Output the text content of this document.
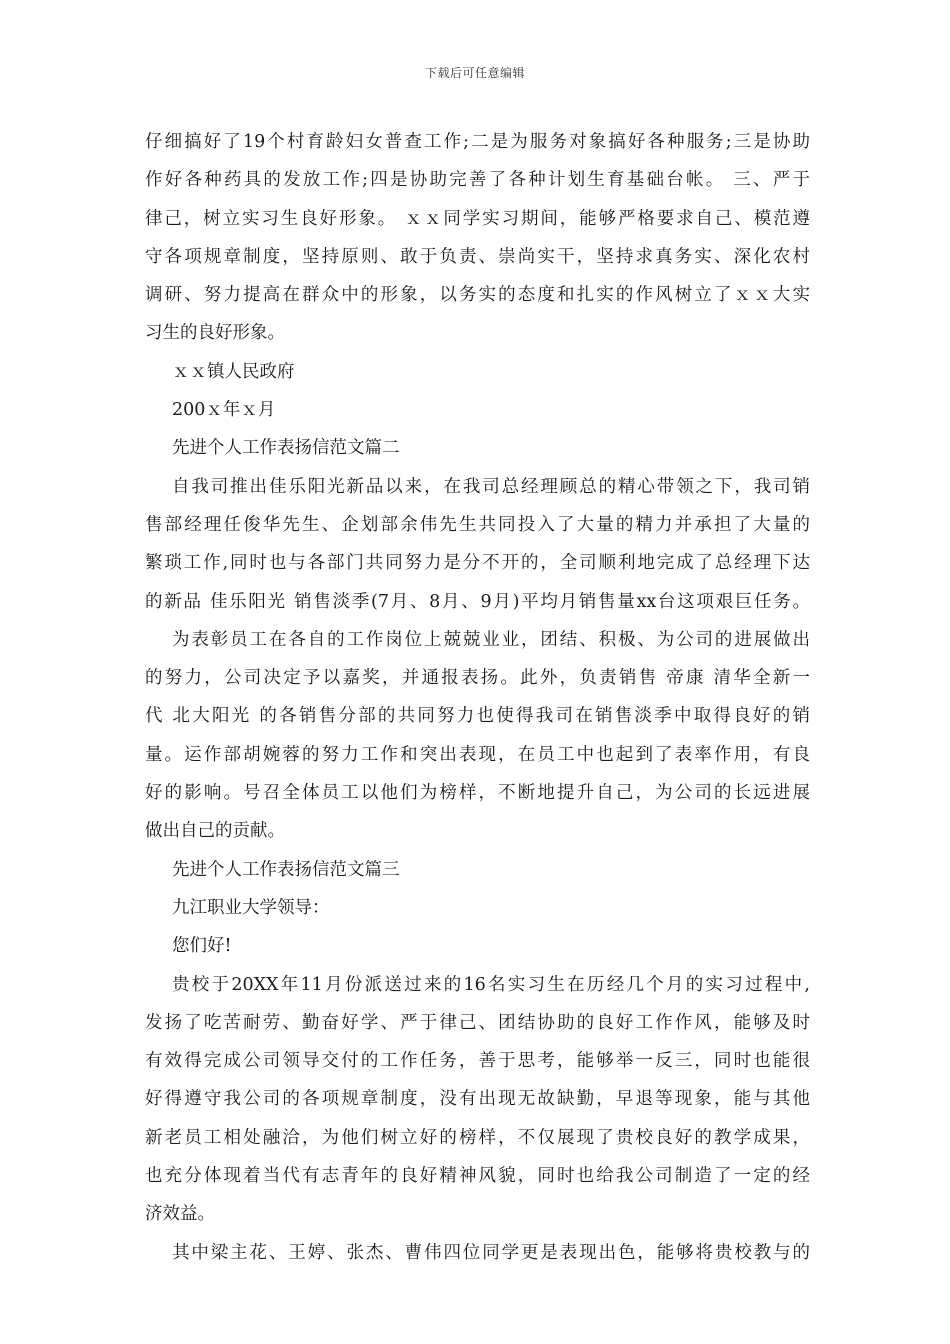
下载后可任意编辑
仔细搞好了19个村育龄妇女普查工作;二是为服务对象搞好各种服务;三是协助
作好各种药具的发放工作;四是协助完善了各种计划生育基础台帐。 三、严于
律己，树立实习生良好形象。 ｘｘ同学实习期间，能够严格要求自己、模范遵
守各项规章制度，坚持原则、敢于负责、崇尚实干，坚持求真务实、深化农村
调研、努力提高在群众中的形象，以务实的态度和扎实的作风树立了ｘｘ大实
习生的良好形象。
ｘｘ镇人民政府
200ｘ年ｘ月
先进个人工作表扬信范文篇二
自我司推出佳乐阳光新品以来，在我司总经理顾总的精心带领之下，我司销
售部经理任俊华先生、企划部余伟先生共同投入了大量的精力并承担了大量的
繁琐工作,同时也与各部门共同努力是分不开的，全司顺利地完成了总经理下达
的新品 佳乐阳光 销售淡季(7月、8月、9月)平均月销售量xx台这项艰巨任务。
为表彰员工在各自的工作岗位上兢兢业业，团结、积极、为公司的进展做出
的努力，公司决定予以嘉奖，并通报表扬。此外，负责销售 帝康 清华全新一
代 北大阳光 的各销售分部的共同努力也使得我司在销售淡季中取得良好的销
量。运作部胡婉蓉的努力工作和突出表现，在员工中也起到了表率作用，有良
好的影响。号召全体员工以他们为榜样，不断地提升自己，为公司的长远进展
做出自己的贡献。
先进个人工作表扬信范文篇三
九江职业大学领导：
您们好!
贵校于20XX年11月份派送过来的16名实习生在历经几个月的实习过程中,
发扬了吃苦耐劳、勤奋好学、严于律己、团结协助的良好工作作风，能够及时
有效得完成公司领导交付的工作任务，善于思考，能够举一反三，同时也能很
好得遵守我公司的各项规章制度，没有出现无故缺勤，早退等现象，能与其他
新老员工相处融洽，为他们树立好的榜样，不仅展现了贵校良好的教学成果，
也充分体现着当代有志青年的良好精神风貌，同时也给我公司制造了一定的经
济效益。
其中梁主花、王婷、张杰、曹伟四位同学更是表现出色，能够将贵校教与的
